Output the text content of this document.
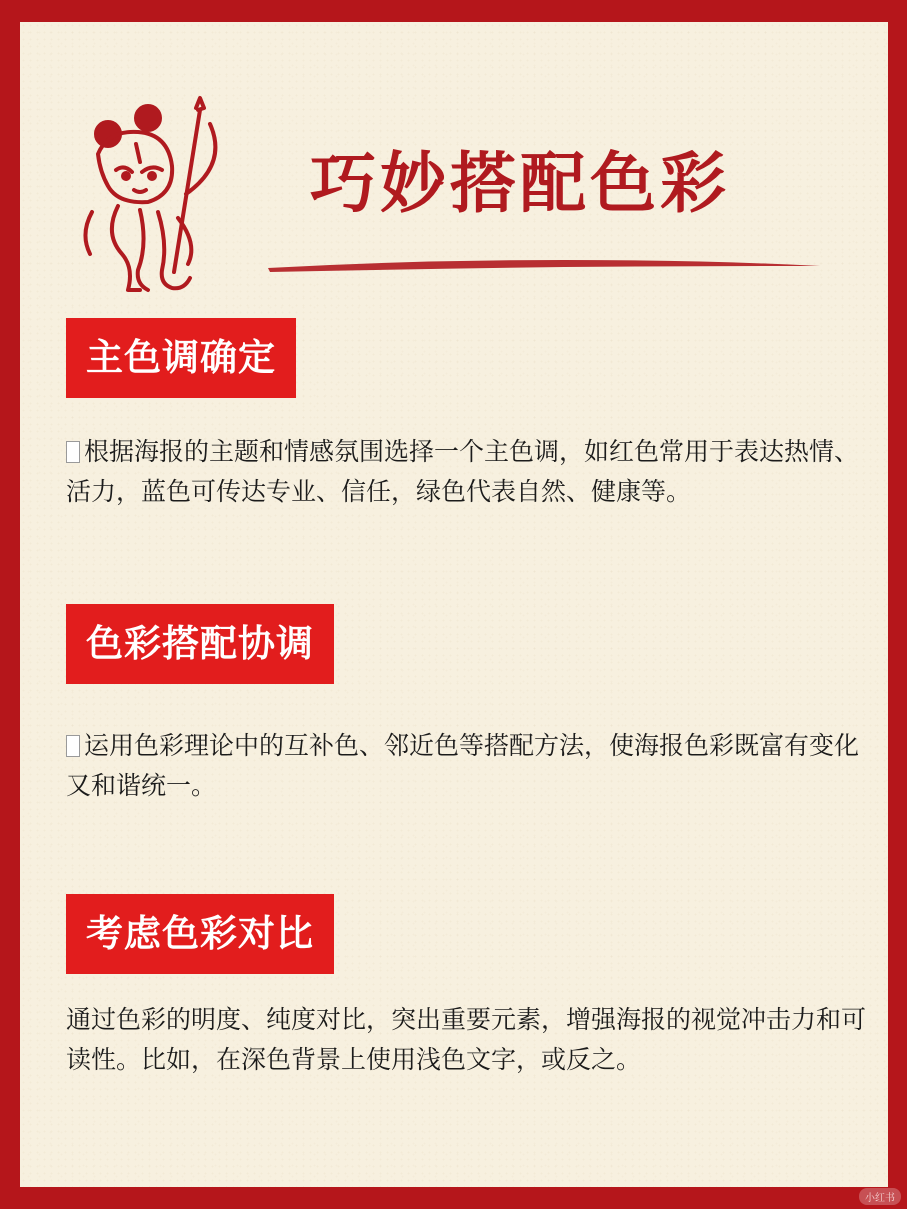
巧妙搭配色彩
主色调确定
根据海报的主题和情感氛围选择一个主色调，如红色常用于表达热情、活力，蓝色可传达专业、信任，绿色代表自然、健康等。
色彩搭配协调
运用色彩理论中的互补色、邻近色等搭配方法，使海报色彩既富有变化又和谐统一。
考虑色彩对比
通过色彩的明度、纯度对比，突出重要元素，增强海报的视觉冲击力和可读性。比如，在深色背景上使用浅色文字，或反之。
小红书
